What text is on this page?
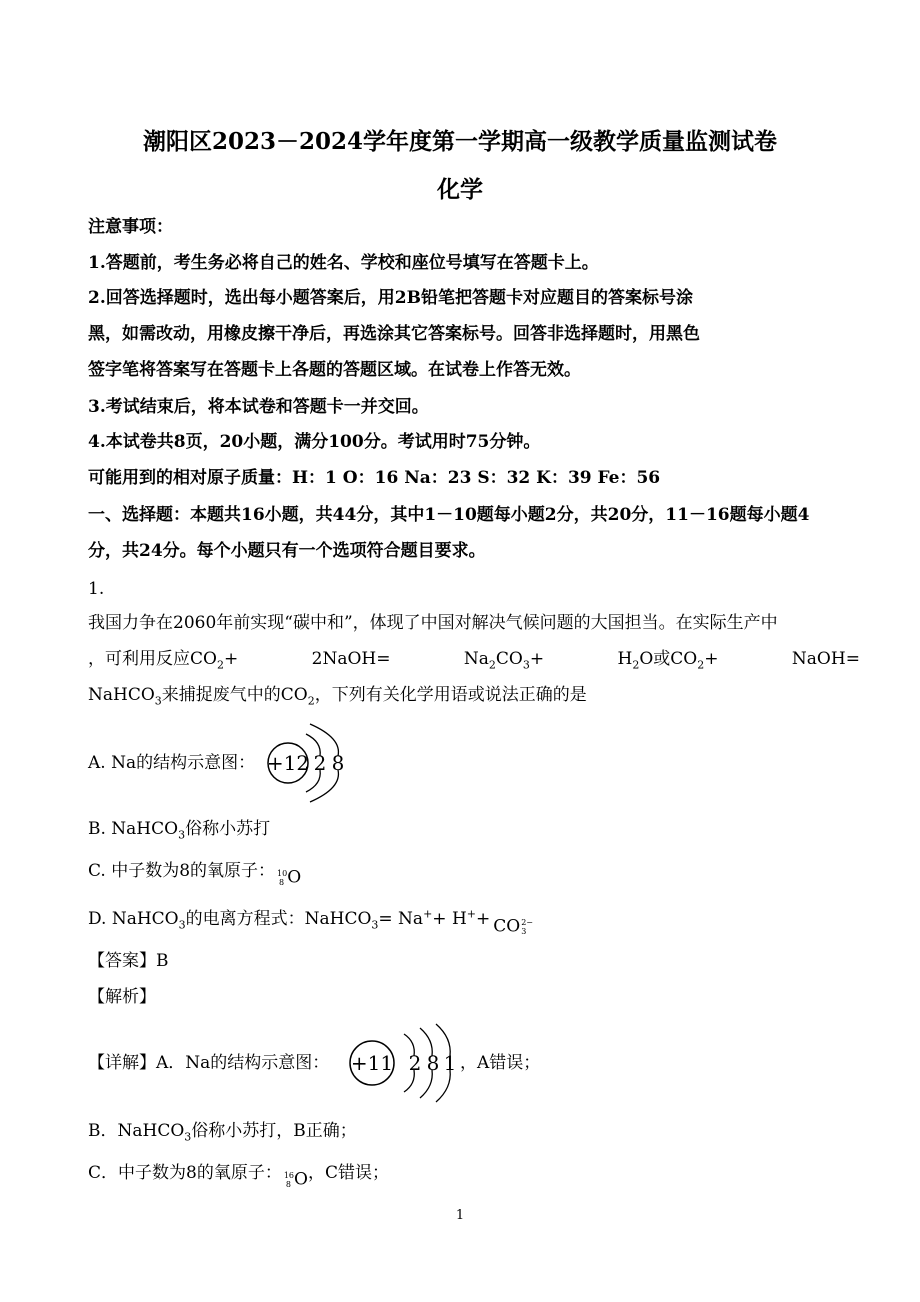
潮阳区2023－2024学年度第一学期高一级教学质量监测试卷
化学
注意事项：
1.答题前，考生务必将自己的姓名、学校和座位号填写在答题卡上。
2.回答选择题时，选出每小题答案后，用2B铅笔把答题卡对应题目的答案标号涂
黑，如需改动，用橡皮擦干净后，再选涂其它答案标号。回答非选择题时，用黑色
签字笔将答案写在答题卡上各题的答题区域。在试卷上作答无效。
3.考试结束后，将本试卷和答题卡一并交回。
4.本试卷共8页，20小题，满分100分。考试用时75分钟。
可能用到的相对原子质量：H：1 O：16 Na：23 S：32 K：39 Fe：56
一、选择题：本题共16小题，共44分，其中1－10题每小题2分，共20分，11－16题每小题4
分，共24分。每个小题只有一个选项符合题目要求。
1.
我国力争在2060年前实现“碳中和”，体现了中国对解决气候问题的大国担当。在实际生产中
，可利用反应$CO_2+$	2NaOH=	$Na_2CO_3+$	$H_2O$或$CO_2+$	NaOH=
NaHCO$_3$来捕捉废气中的$CO_2$，下列有关化学用语或说法正确的是
A. Na的结构示意图： +12 2 8
B. NaHCO$_3$俗称小苏打
C. 中子数为8的氧原子： 10
8 O
D. NaHCO$_3$的电离方程式：NaHCO$_3$= Na++ H++ CO 2−
3
【答案】B
【解析】
【详解】A．Na的结构示意图： +11 2 8 1 ，A错误；
B．NaHCO$_3$俗称小苏打，B正确；
C．中子数为8的氧原子： 16
8 O，C错误；
1
